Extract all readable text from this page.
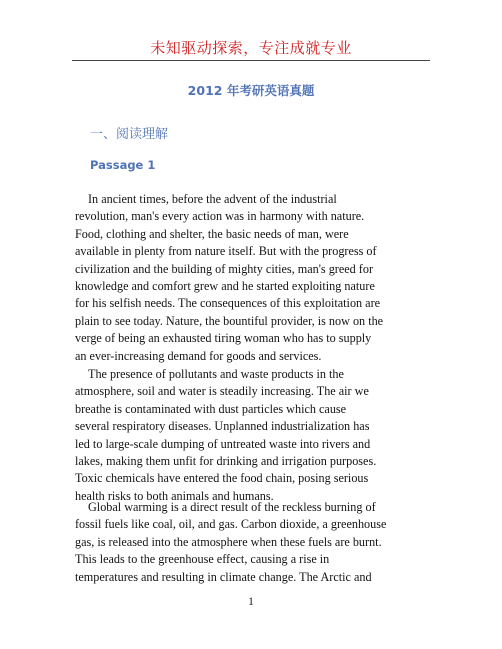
未知驱动探索，专注成就专业
2012 年考研英语真题
一、阅读理解
Passage 1
In ancient times, before the advent of the industrial
revolution, man's every action was in harmony with nature.
Food, clothing and shelter, the basic needs of man, were
available in plenty from nature itself. But with the progress of
civilization and the building of mighty cities, man's greed for
knowledge and comfort grew and he started exploiting nature
for his selfish needs. The consequences of this exploitation are
plain to see today. Nature, the bountiful provider, is now on the
verge of being an exhausted tiring woman who has to supply
an ever-increasing demand for goods and services.
The presence of pollutants and waste products in the
atmosphere, soil and water is steadily increasing. The air we
breathe is contaminated with dust particles which cause
several respiratory diseases. Unplanned industrialization has
led to large-scale dumping of untreated waste into rivers and
lakes, making them unfit for drinking and irrigation purposes.
Toxic chemicals have entered the food chain, posing serious
health risks to both animals and humans.
Global warming is a direct result of the reckless burning of
fossil fuels like coal, oil, and gas. Carbon dioxide, a greenhouse
gas, is released into the atmosphere when these fuels are burnt.
This leads to the greenhouse effect, causing a rise in
temperatures and resulting in climate change. The Arctic and
1
